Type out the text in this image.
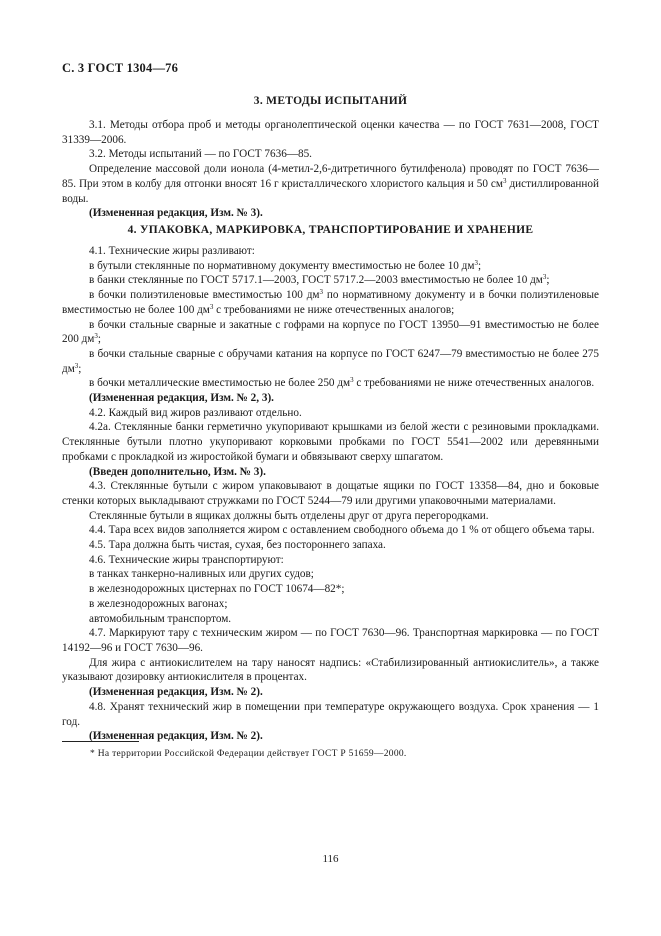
С. 3 ГОСТ 1304—76
3. МЕТОДЫ ИСПЫТАНИЙ

3.1. Методы отбора проб и методы органолептической оценки качества — по ГОСТ 7631—2008, ГОСТ 31339—2006.

3.2. Методы испытаний — по ГОСТ 7636—85.

Определение массовой доли ионола (4-метил-2,6-дитретичного бутилфенола) проводят по ГОСТ 7636—85. При этом в колбу для отгонки вносят 16 г кристаллического хлористого кальция и 50 $см^3$ дистиллированной воды.

(Измененная редакция, Изм. № 3).

4. УПАКОВКА, МАРКИРОВКА, ТРАНСПОРТИРОВАНИЕ И ХРАНЕНИЕ

4.1. Технические жиры разливают:

в бутыли стеклянные по нормативному документу вместимостью не более 10 $дм^3$;

в банки стеклянные по ГОСТ 5717.1—2003, ГОСТ 5717.2—2003 вместимостью не более 10 $дм^3$;

в бочки полиэтиленовые вместимостью 100 $дм^3$ по нормативному документу и в бочки полиэтиленовые вместимостью не более 100 $дм^3$ с требованиями не ниже отечественных аналогов;

в бочки стальные сварные и закатные с гофрами на корпусе по ГОСТ 13950—91 вместимостью не более 200 $дм^3$;

в бочки стальные сварные с обручами катания на корпусе по ГОСТ 6247—79 вместимостью не более 275 $дм^3$;

в бочки металлические вместимостью не более 250 $дм^3$ с требованиями не ниже отечественных аналогов.

(Измененная редакция, Изм. № 2, 3).

4.2. Каждый вид жиров разливают отдельно.

4.2а. Стеклянные банки герметично укупоривают крышками из белой жести с резиновыми прокладками. Стеклянные бутыли плотно укупоривают корковыми пробками по ГОСТ 5541—2002 или деревянными пробками с прокладкой из жиростойкой бумаги и обвязывают сверху шпагатом.

(Введен дополнительно, Изм. № 3).

4.3. Стеклянные бутыли с жиром упаковывают в дощатые ящики по ГОСТ 13358—84, дно и боковые стенки которых выкладывают стружками по ГОСТ 5244—79 или другими упаковочными материалами.

Стеклянные бутыли в ящиках должны быть отделены друг от друга перегородками.

4.4. Тара всех видов заполняется жиром с оставлением свободного объема до 1 % от общего объема тары.

4.5. Тара должна быть чистая, сухая, без постороннего запаха.

4.6. Технические жиры транспортируют:

в танках танкерно-наливных или других судов;

в железнодорожных цистернах по ГОСТ 10674—82*;

в железнодорожных вагонах;

автомобильным транспортом.

4.7. Маркируют тару с техническим жиром — по ГОСТ 7630—96. Транспортная маркировка — по ГОСТ 14192—96 и ГОСТ 7630—96.

Для жира с антиокислителем на тару наносят надпись: «Стабилизированный антиокислитель», а также указывают дозировку антиокислителя в процентах.

(Измененная редакция, Изм. № 2).

4.8. Хранят технический жир в помещении при температуре окружающего воздуха. Срок хранения — 1 год.

(Измененная редакция, Изм. № 2).

* На территории Российской Федерации действует ГОСТ Р 51659—2000.
116
